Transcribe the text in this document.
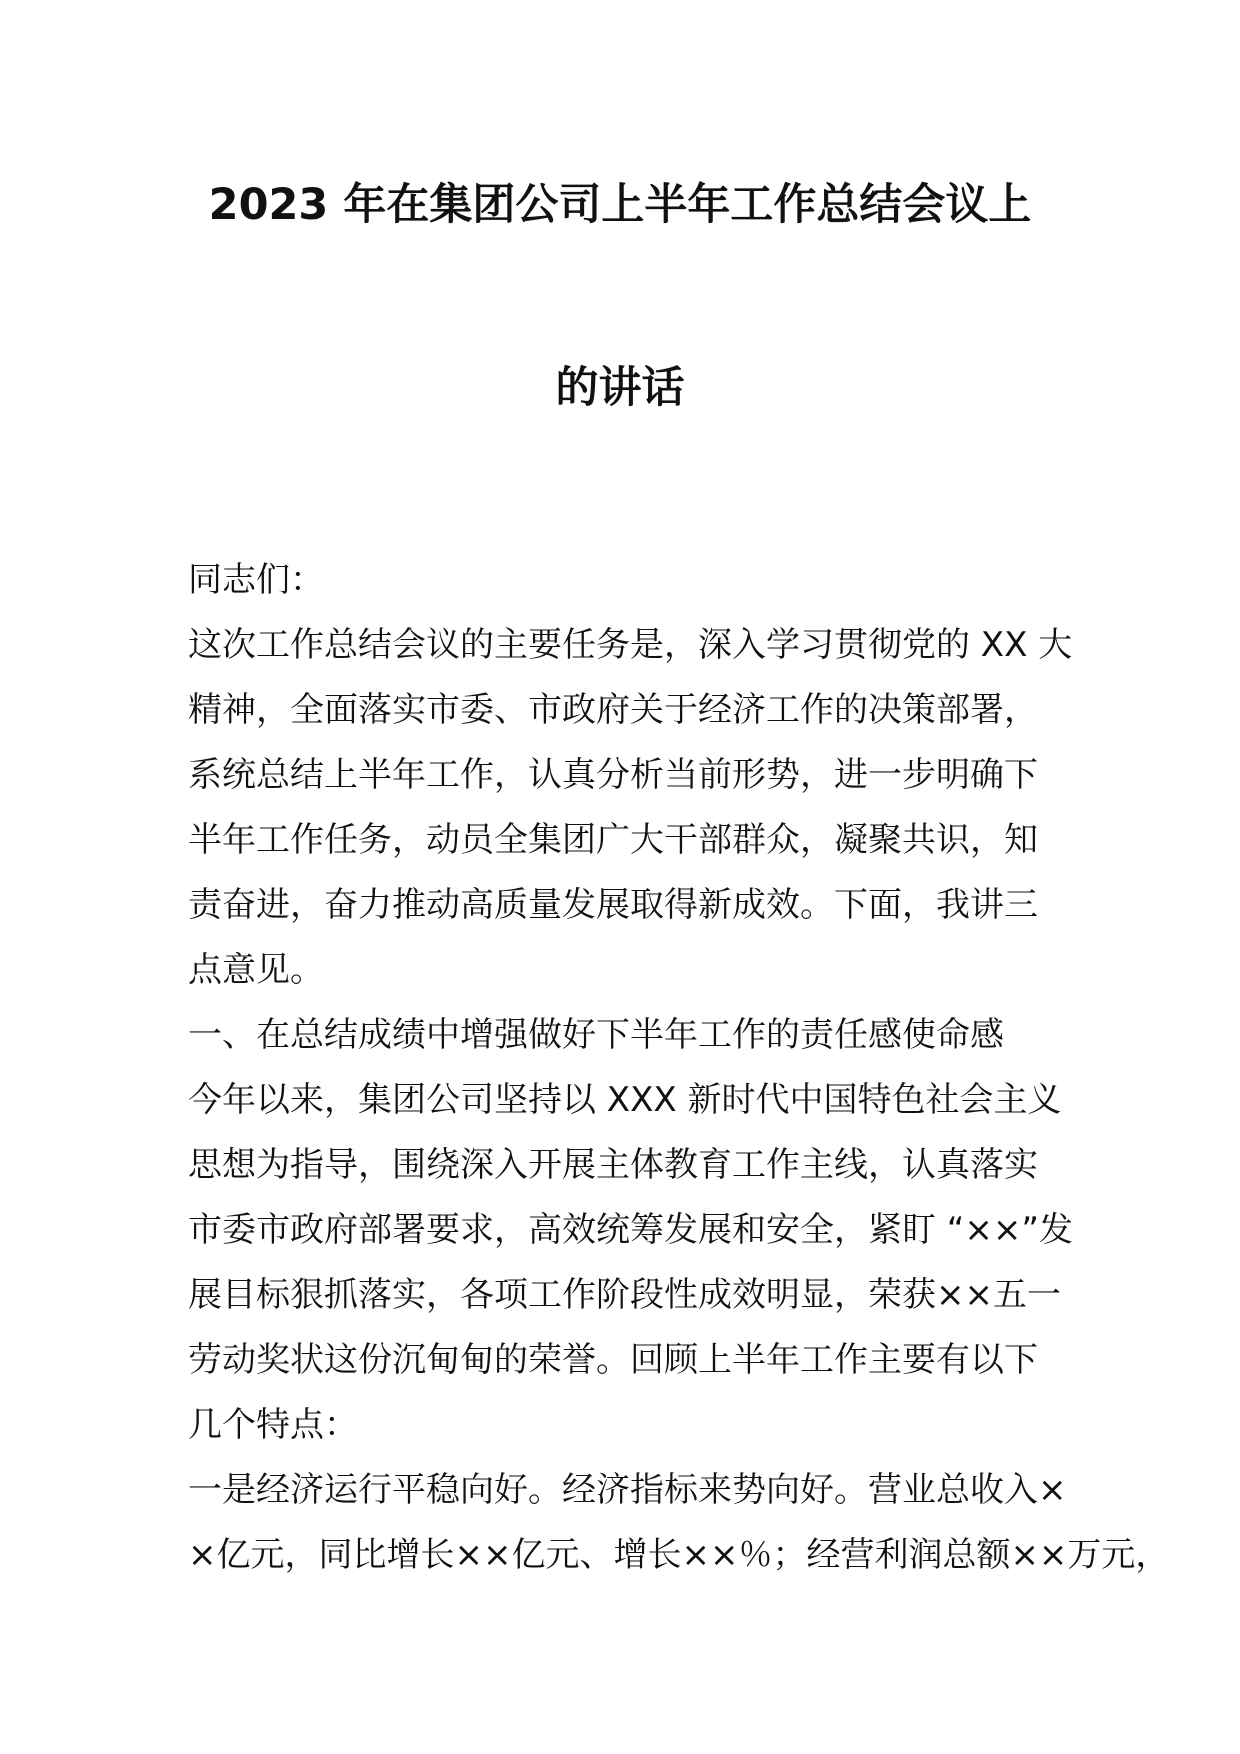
2023 年在集团公司上半年工作总结会议上
的讲话

同志们：

这次工作总结会议的主要任务是，深入学习贯彻党的 XX 大

精神，全面落实市委、市政府关于经济工作的决策部署，

系统总结上半年工作，认真分析当前形势，进一步明确下

半年工作任务，动员全集团广大干部群众，凝聚共识，知

责奋进，奋力推动高质量发展取得新成效。下面，我讲三

点意见。

一、在总结成绩中增强做好下半年工作的责任感使命感

今年以来，集团公司坚持以 XXX 新时代中国特色社会主义

思想为指导，围绕深入开展主体教育工作主线，认真落实

市委市政府部署要求，高效统筹发展和安全，紧盯 “××”发

展目标狠抓落实，各项工作阶段性成效明显，荣获××五一

劳动奖状这份沉甸甸的荣誉。回顾上半年工作主要有以下

几个特点：

一是经济运行平稳向好。经济指标来势向好。营业总收入×

×亿元，同比增长××亿元、增长××％；经营利润总额××万元，
